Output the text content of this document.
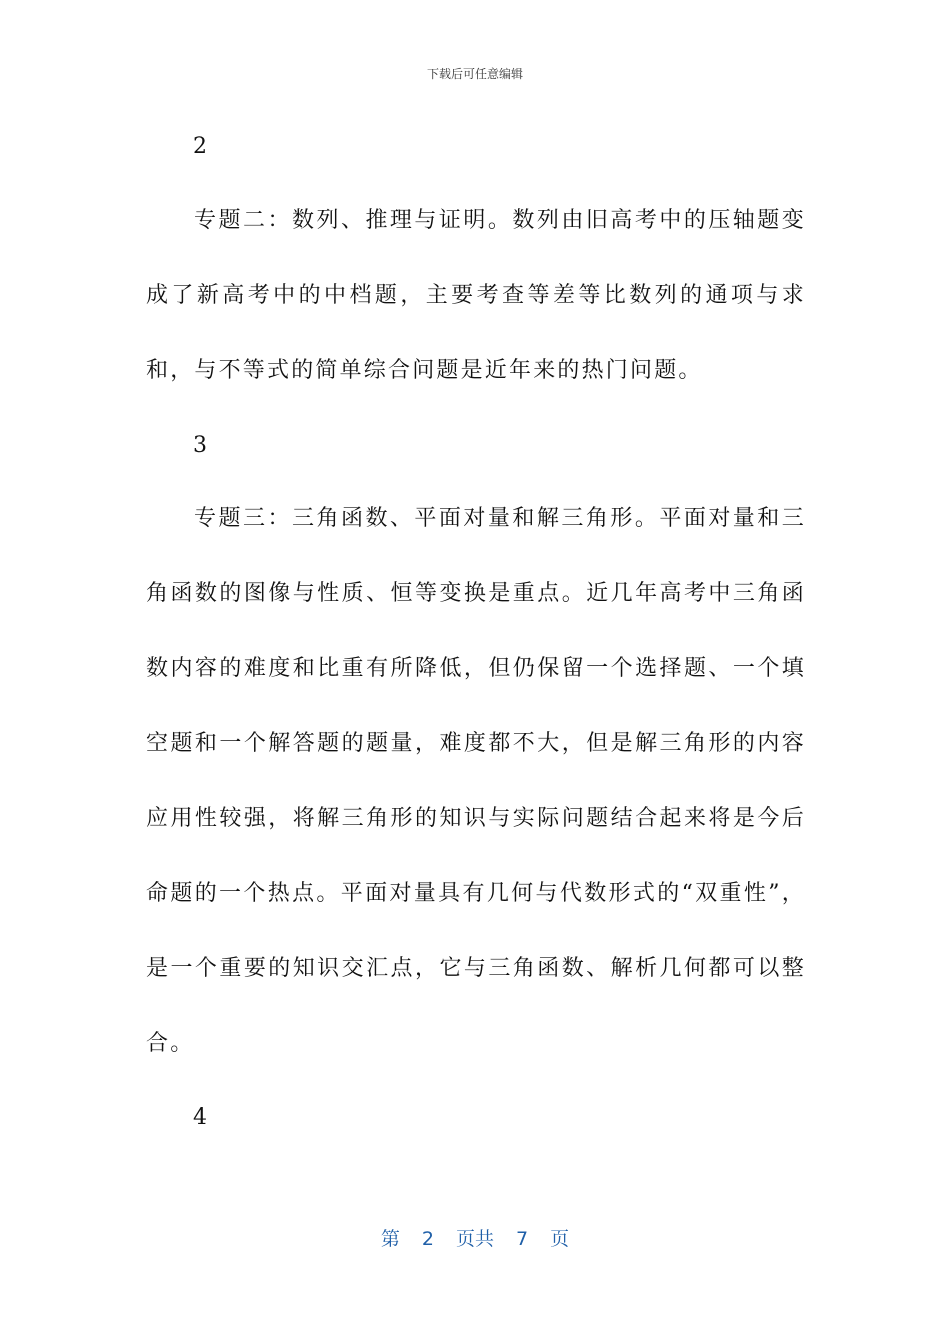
下载后可任意编辑
2

专题二：数列、推理与证明。数列由旧高考中的压轴题变成了新高考中的中档题，主要考查等差等比数列的通项与求和，与不等式的简单综合问题是近年来的热门问题。

3

专题三：三角函数、平面对量和解三角形。平面对量和三角函数的图像与性质、恒等变换是重点。近几年高考中三角函数内容的难度和比重有所降低，但仍保留一个选择题、一个填空题和一个解答题的题量，难度都不大，但是解三角形的内容应用性较强，将解三角形的知识与实际问题结合起来将是今后命题的一个热点。平面对量具有几何与代数形式的“双重性”，是一个重要的知识交汇点，它与三角函数、解析几何都可以整合。

4
第 2 页共 7 页
